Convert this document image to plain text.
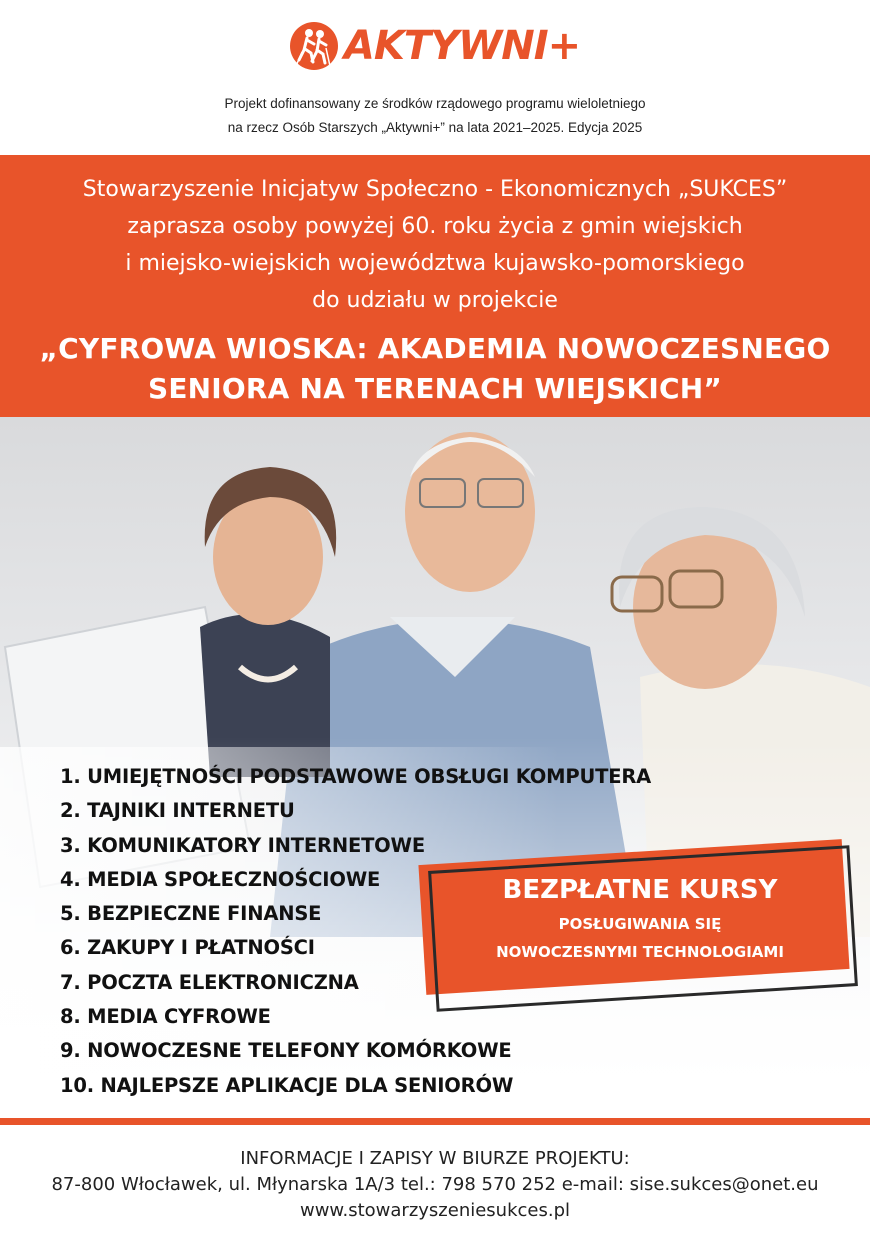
AKTYWNI+
Projekt dofinansowany ze środków rządowego programu wieloletniego
na rzecz Osób Starszych „Aktywni+” na lata 2021–2025. Edycja 2025
Stowarzyszenie Inicjatyw Społeczno - Ekonomicznych „SUKCES”
zaprasza osoby powyżej 60. roku życia z gmin wiejskich
i miejsko-wiejskich województwa kujawsko-pomorskiego
do udziału w projekcie
„CYFROWA WIOSKA: AKADEMIA NOWOCZESNEGO
SENIORA NA TERENACH WIEJSKICH”
1. UMIEJĘTNOŚCI PODSTAWOWE OBSŁUGI KOMPUTERA
2. TAJNIKI INTERNETU
3. KOMUNIKATORY INTERNETOWE
4. MEDIA SPOŁECZNOŚCIOWE
5. BEZPIECZNE FINANSE
6. ZAKUPY I PŁATNOŚCI
7. POCZTA ELEKTRONICZNA
8. MEDIA CYFROWE
9. NOWOCZESNE TELEFONY KOMÓRKOWE
10. NAJLEPSZE APLIKACJE DLA SENIORÓW
BEZPŁATNE KURSY
POSŁUGIWANIA SIĘ
NOWOCZESNYMI TECHNOLOGIAMI
INFORMACJE I ZAPISY W BIURZE PROJEKTU:
87-800 Włocławek, ul. Młynarska 1A/3 tel.: 798 570 252 e-mail: sise.sukces@onet.eu
www.stowarzyszeniesukces.pl
